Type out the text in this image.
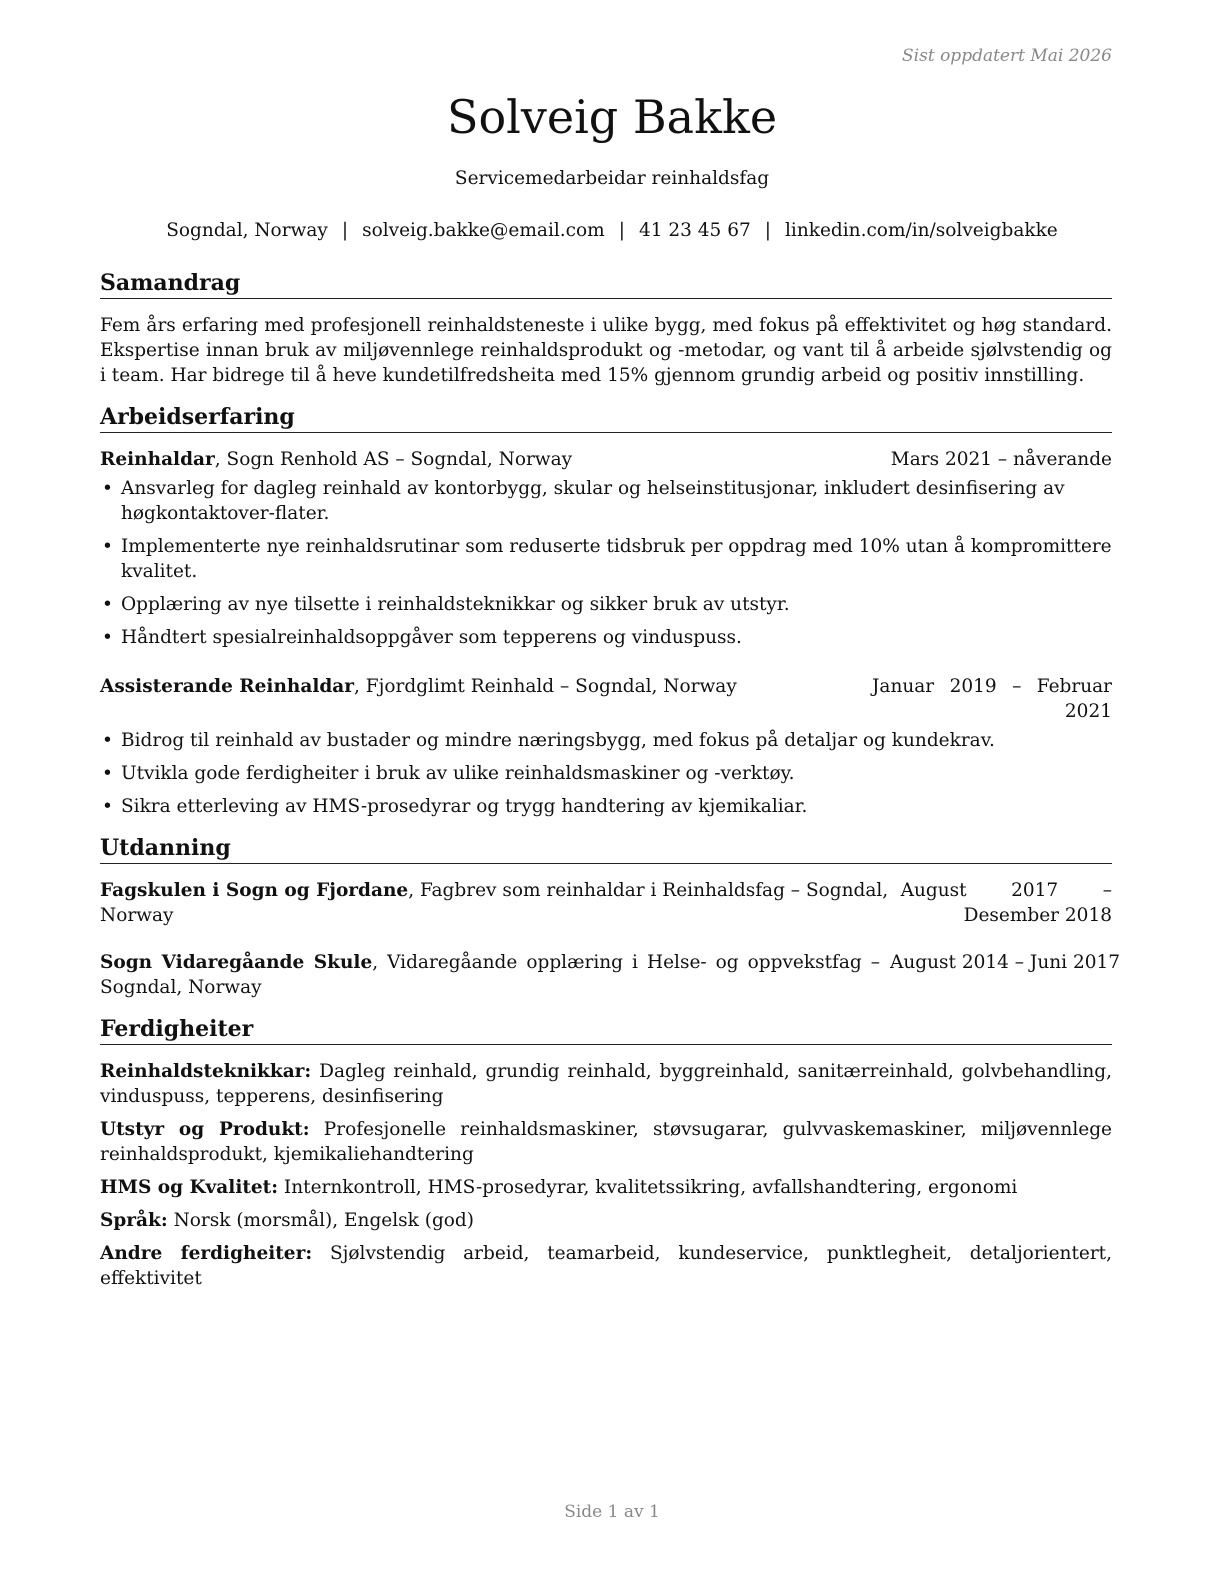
Sist oppdatert Mai 2026
Solveig Bakke
Servicemedarbeidar reinhaldsfag
Sogndal, Norway | solveig.bakke@email.com | 41 23 45 67 | linkedin.com/in/solveigbakke
Samandrag

Fem års erfaring med profesjonell reinhaldsteneste i ulike bygg, med fokus på effektivitet og høg standard. Ekspertise innan bruk av miljøvennlege reinhaldsprodukt og -metodar, og vant til å arbeide sjølvstendig og i team. Har bidrege til å heve kundetilfredsheita med 15% gjennom grundig arbeid og positiv innstilling.

Arbeidserfaring
Reinhaldar, Sogn Renhold AS – Sogndal, Norway	Mars 2021 – nåverande
• Ansvarleg for dagleg reinhald av kontorbygg, skular og helseinstitusjonar, inkludert desinfisering av høgkontaktover-flater.
• Implementerte nye reinhaldsrutinar som reduserte tidsbruk per oppdrag med 10% utan å kompromittere kvalitet.
• Opplæring av nye tilsette i reinhaldsteknikkar og sikker bruk av utstyr.
• Håndtert spesialreinhaldsoppgåver som tepperens og vinduspuss.
Assisterande Reinhaldar, Fjordglimt Reinhald – Sogndal, Norway	Januar 2019 – Februar 2021
• Bidrog til reinhald av bustader og mindre næringsbygg, med fokus på detaljar og kundekrav.
• Utvikla gode ferdigheiter i bruk av ulike reinhaldsmaskiner og -verktøy.
• Sikra etterleving av HMS-prosedyrar og trygg handtering av kjemikaliar.
Utdanning
Fagskulen i Sogn og Fjordane, Fagbrev som reinhaldar i Reinhaldsfag – Sogndal, Norway
August 2017 – Desember 2018
Sogn Vidaregåande Skule, Vidaregåande opplæring i Helse- og oppvekstfag – Sogndal, Norway
August 2014 – Juni 2017
Ferdigheiter
Reinhaldsteknikkar: Dagleg reinhald, grundig reinhald, byggreinhald, sanitærreinhald, golvbehandling, vinduspuss, tepperens, desinfisering
Utstyr og Produkt: Profesjonelle reinhaldsmaskiner, støvsugarar, gulvvaskemaskiner, miljøvennlege reinhaldsprodukt, kjemikaliehandtering
HMS og Kvalitet: Internkontroll, HMS-prosedyrar, kvalitetssikring, avfallshandtering, ergonomi
Språk: Norsk (morsmål), Engelsk (god)
Andre ferdigheiter: Sjølvstendig arbeid, teamarbeid, kundeservice, punktlegheit, detaljorientert, effektivitet
Side 1 av 1
